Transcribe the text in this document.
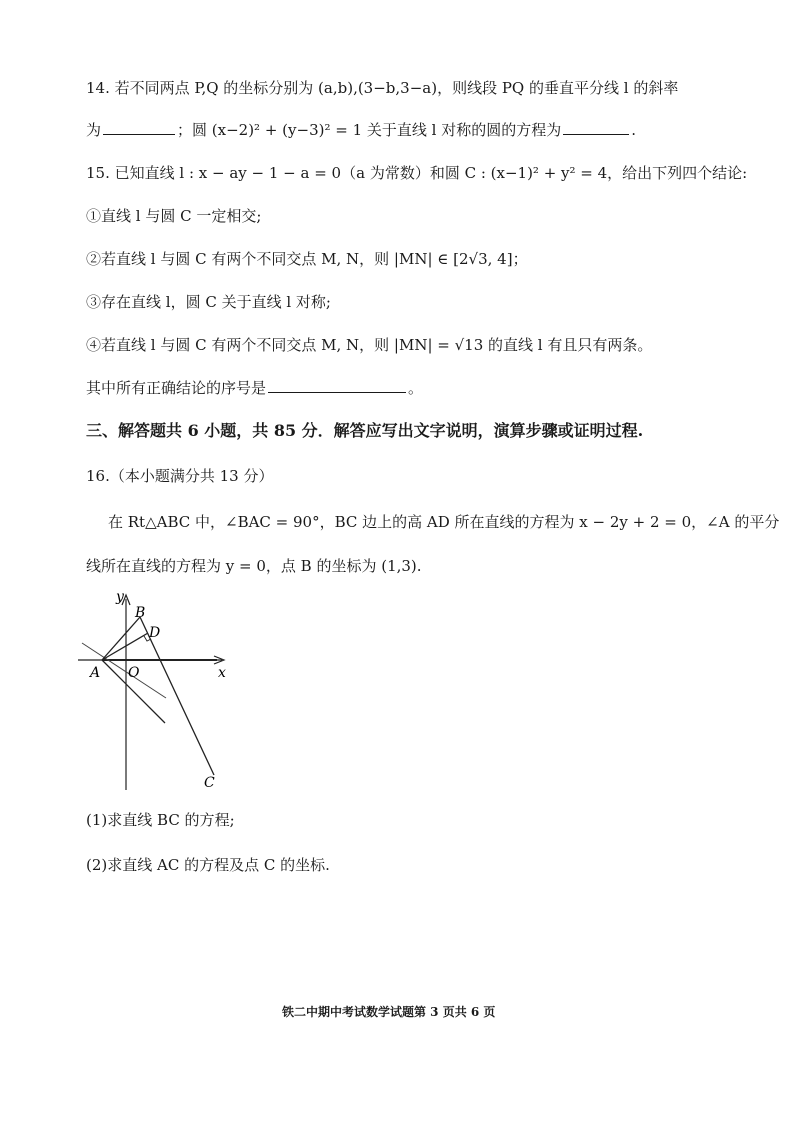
14. 若不同两点 P,Q 的坐标分别为 (a,b),(3−b,3−a)，则线段 PQ 的垂直平分线 l 的斜率
为	；圆 (x−2)² + (y−3)² = 1 关于直线 l 对称的圆的方程为	.
15. 已知直线 l : x − ay − 1 − a = 0（a 为常数）和圆 C : (x−1)² + y² = 4，给出下列四个结论:
①直线 l 与圆 C 一定相交;
②若直线 l 与圆 C 有两个不同交点 M, N，则 |MN| ∈ [2√3, 4]；
③存在直线 l，圆 C 关于直线 l 对称;
④若直线 l 与圆 C 有两个不同交点 M, N，则 |MN| = √13 的直线 l 有且只有两条。
其中所有正确结论的序号是	。
三、解答题共 6 小题，共 85 分．解答应写出文字说明，演算步骤或证明过程.
16.（本小题满分共 13 分）
在 Rt△ABC 中，∠BAC = 90°，BC 边上的高 AD 所在直线的方程为 x − 2y + 2 = 0，∠A 的平分
线所在直线的方程为 y = 0，点 B 的坐标为 (1,3).
y
x
B
D
A O
C
(1)求直线 BC 的方程;
(2)求直线 AC 的方程及点 C 的坐标.
铁二中期中考试数学试题第 3 页共 6 页
